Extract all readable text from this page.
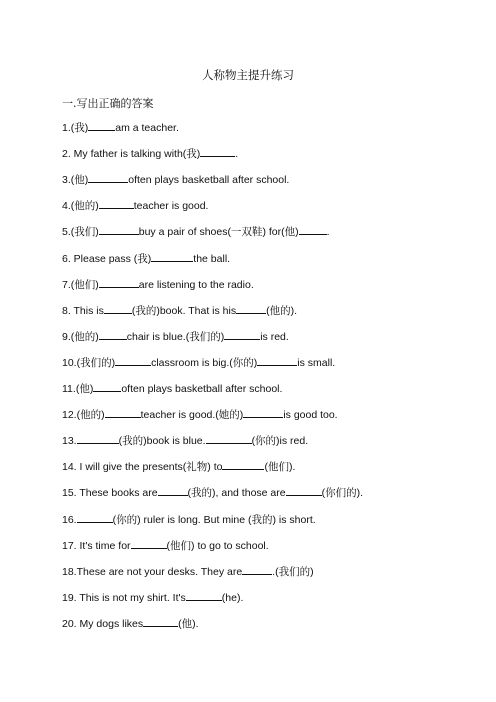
人称物主提升练习
一.写出正确的答案
1.(我)	am a teacher.
2. My father is talking with(我)	.
3.(他)	often plays basketball after school.
4.(他的)	teacher is good.
5.(我们)	buy a pair of shoes(一双鞋) for(他)	.
6. Please pass (我)	the ball.
7.(他们)	are listening to the radio.
8. This is	(我的)book. That is his	(他的).
9.(他的)	chair is blue.(我们的)	is red.
10.(我们的)	classroom is big.(你的)	is small.
11.(他)	often plays basketball after school.
12.(他的)	teacher is good.(她的)	is good too.
13.	(我的)book is blue.	(你的)is red.
14. I will give the presents(礼物) to	(他们).
15. These books are	(我的), and those are	(你们的).
16.	(你的) ruler is long. But mine (我的) is short.
17. It's time for	(他们) to go to school.
18.These are not your desks. They are	.(我们的)
19. This is not my shirt. It's	(he).
20. My dogs likes	(他).
